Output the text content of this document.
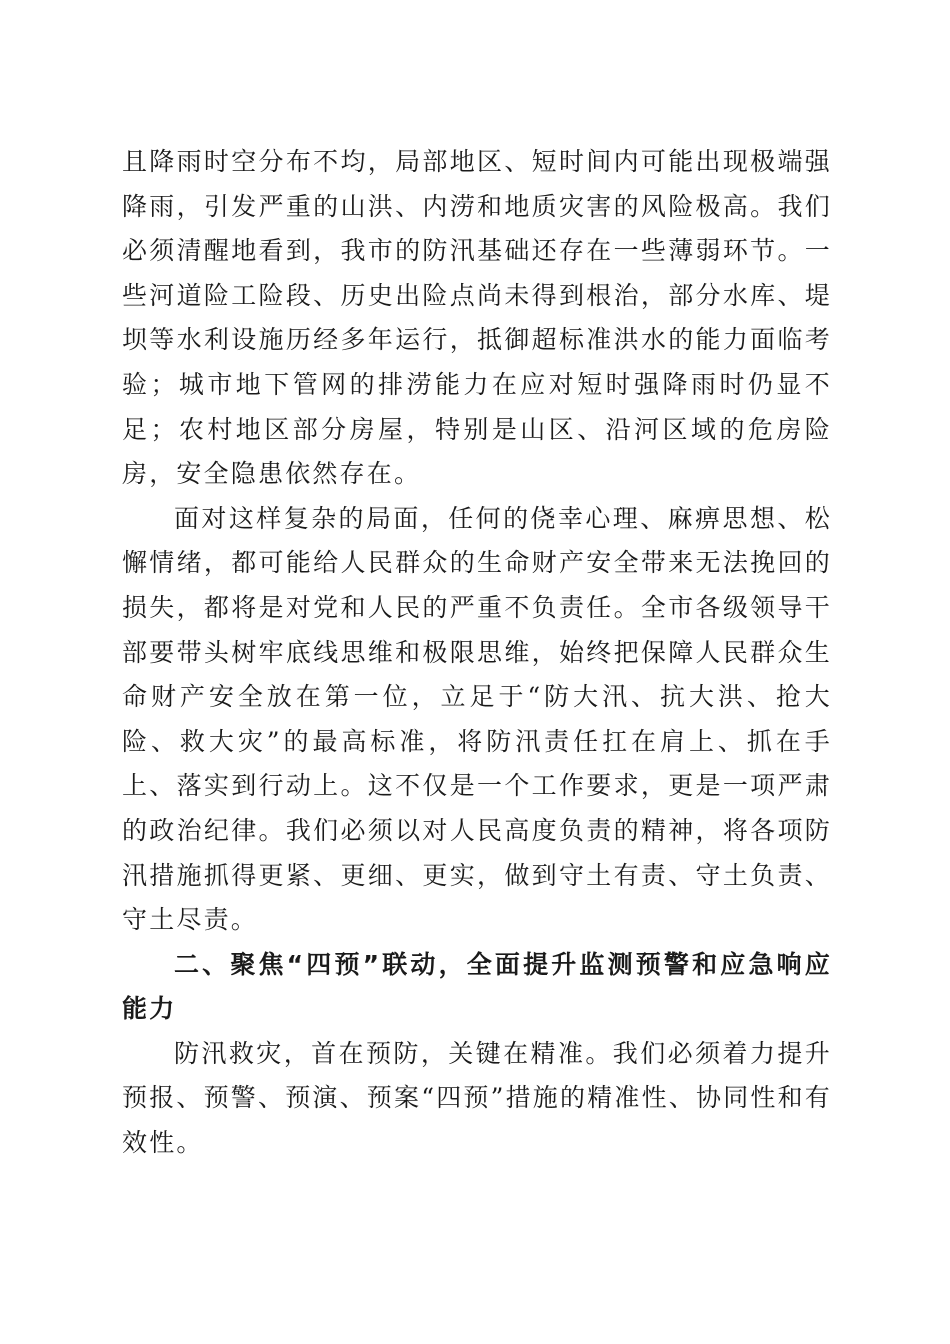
且降雨时空分布不均，局部地区、短时间内可能出现极端强降雨，引发严重的山洪、内涝和地质灾害的风险极高。我们必须清醒地看到，我市的防汛基础还存在一些薄弱环节。一些河道险工险段、历史出险点尚未得到根治，部分水库、堤坝等水利设施历经多年运行，抵御超标准洪水的能力面临考验；城市地下管网的排涝能力在应对短时强降雨时仍显不足；农村地区部分房屋，特别是山区、沿河区域的危房险房，安全隐患依然存在。

面对这样复杂的局面，任何的侥幸心理、麻痹思想、松懈情绪，都可能给人民群众的生命财产安全带来无法挽回的损失，都将是对党和人民的严重不负责任。全市各级领导干部要带头树牢底线思维和极限思维，始终把保障人民群众生命财产安全放在第一位，立足于“防大汛、抗大洪、抢大险、救大灾”的最高标准，将防汛责任扛在肩上、抓在手上、落实到行动上。这不仅是一个工作要求，更是一项严肃的政治纪律。我们必须以对人民高度负责的精神，将各项防汛措施抓得更紧、更细、更实，做到守土有责、守土负责、守土尽责。

二、聚焦“四预”联动，全面提升监测预警和应急响应能力

防汛救灾，首在预防，关键在精准。我们必须着力提升预报、预警、预演、预案“四预”措施的精准性、协同性和有效性。
